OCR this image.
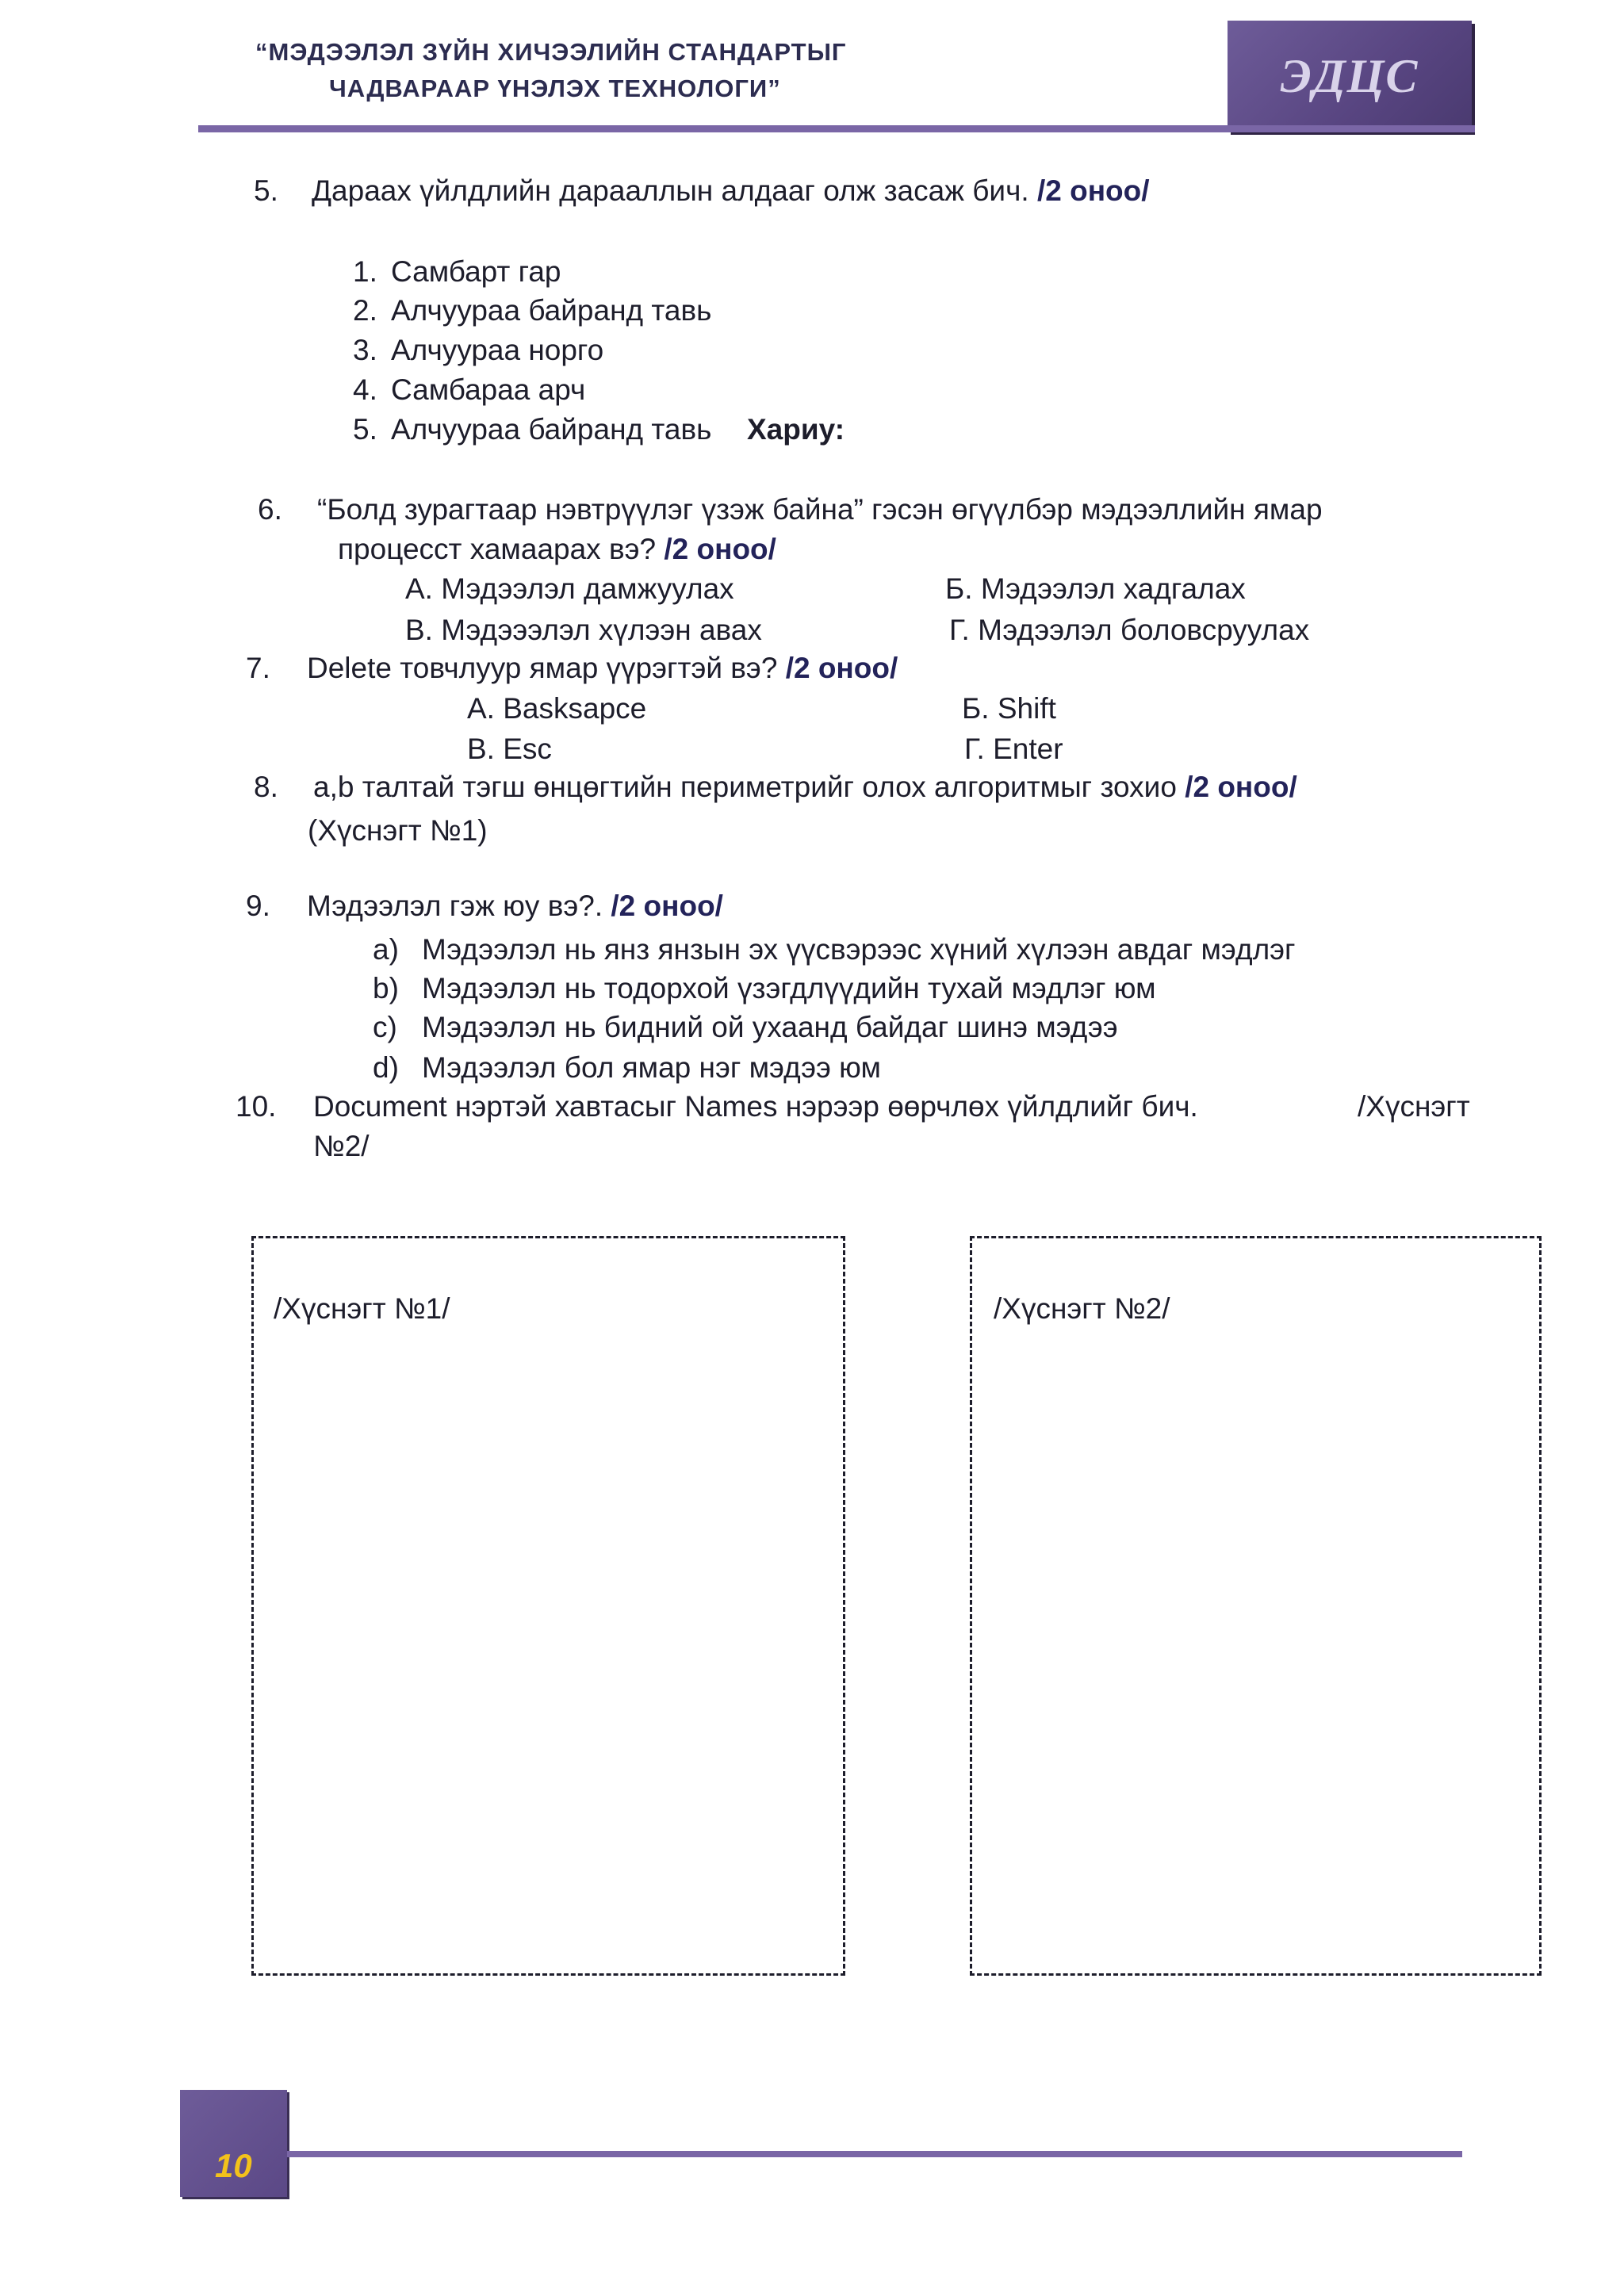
“МЭДЭЭЛЭЛ ЗҮЙН ХИЧЭЭЛИЙН СТАНДАРТЫГ
ЧАДВАРААР ҮНЭЛЭХ ТЕХНОЛОГИ”	ЭДЦС
5. Дараах үйлдлийн дарааллын алдааг олж засаж бич. /2 оноо/
1. Самбарт гар
2. Алчуураа байранд тавь
3. Алчуураа норго
4. Самбараа арч
5. Алчуураа байранд тавь Хариу:
6. “Болд зурагтаар нэвтрүүлэг үзэж байна” гэсэн өгүүлбэр мэдээллийн ямар
процесст хамаарах вэ? /2 оноо/
А. Мэдээлэл дамжуулах	Б. Мэдээлэл хадгалах
В. Мэдэээлэл хүлээн авах	Г. Мэдээлэл боловсруулах
7. Delete товчлуур ямар үүрэгтэй вэ? /2 оноо/
А. Basksapce	Б. Shift
В. Esc	Г. Enter
8. a,b талтай тэгш өнцөгтийн периметрийг олох алгоритмыг зохио /2 оноо/
(Хүснэгт №1)
9. Мэдээлэл гэж юу вэ?. /2 оноо/
a) Мэдээлэл нь янз янзын эх үүсвэрээс хүний хүлээн авдаг мэдлэг
b) Мэдээлэл нь тодорхой үзэгдлүүдийн тухай мэдлэг юм
c) Мэдээлэл нь бидний ой ухаанд байдаг шинэ мэдээ
d) Мэдээлэл бол ямар нэг мэдээ юм
10. Document нэртэй хавтасыг Names нэрээр өөрчлөх үйлдлийг бич.	/Хүснэгт
№2/
/Хүснэгт №1/	/Хүснэгт №2/
10
